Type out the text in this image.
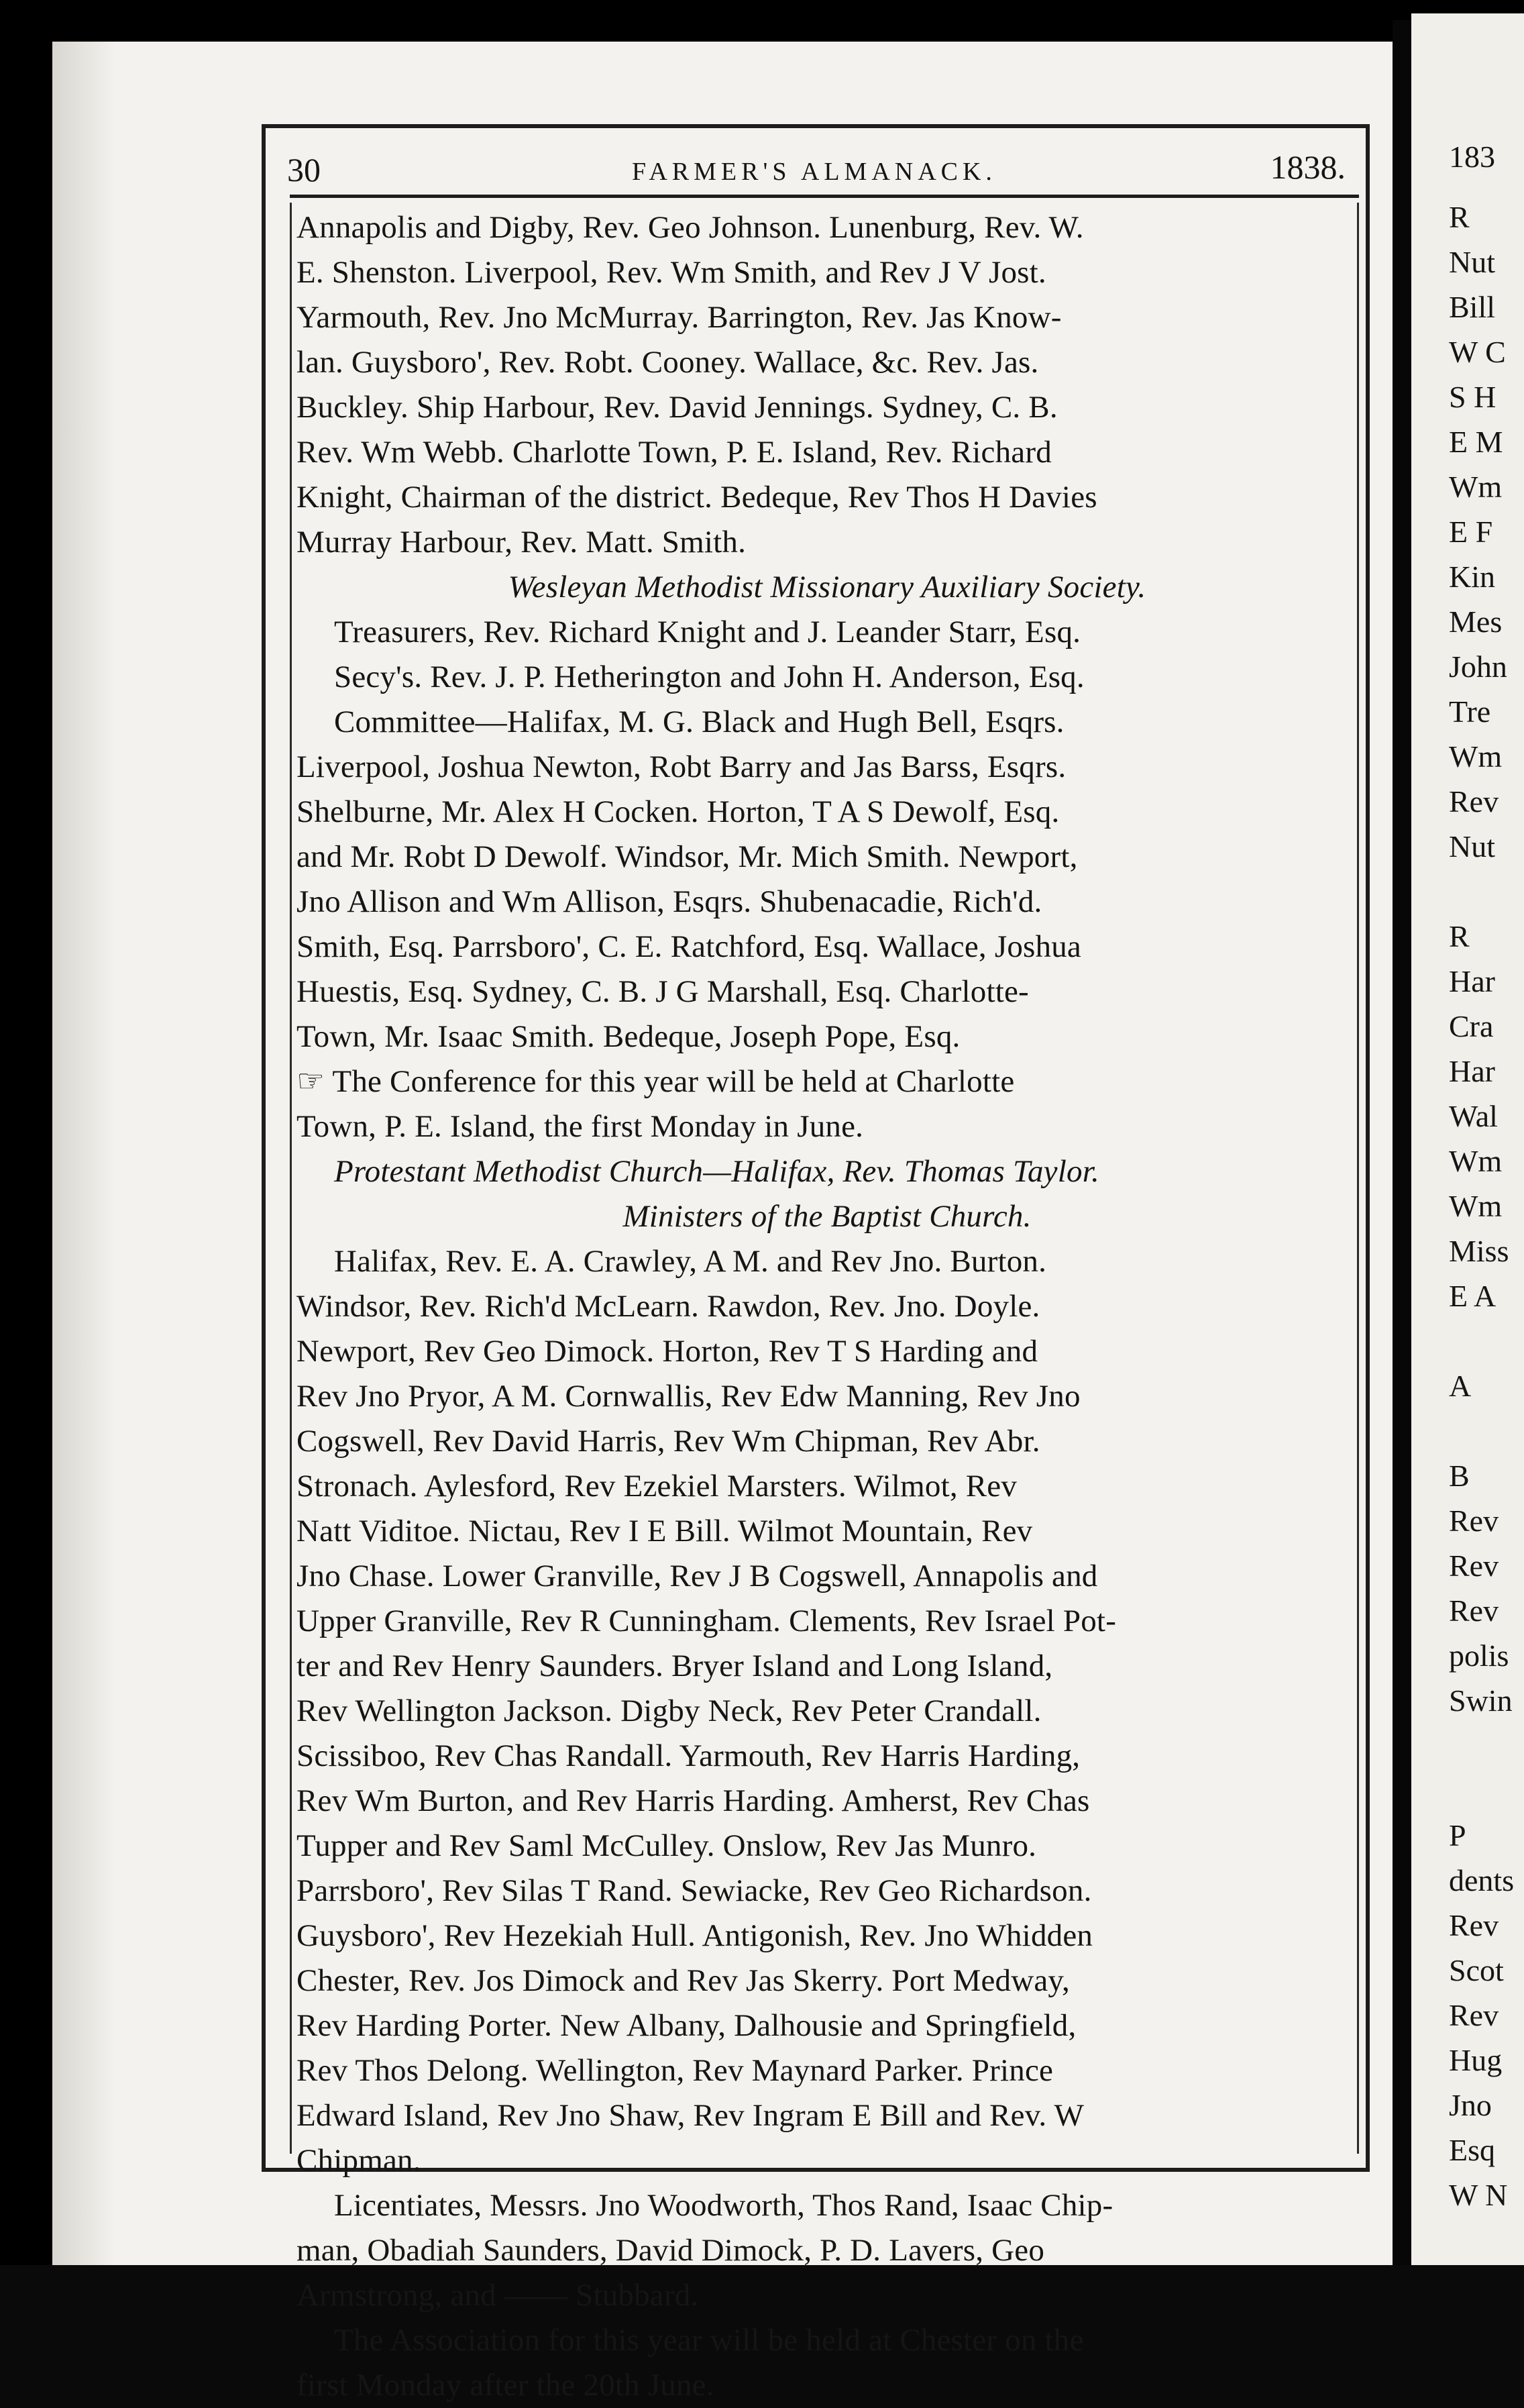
30	FARMER'S ALMANACK.	1838.
Annapolis and Digby, Rev. Geo Johnson. Lunenburg, Rev. W.
E. Shenston. Liverpool, Rev. Wm Smith, and Rev J V Jost.
Yarmouth, Rev. Jno McMurray. Barrington, Rev. Jas Know-
lan. Guysboro', Rev. Robt. Cooney. Wallace, &c. Rev. Jas.
Buckley. Ship Harbour, Rev. David Jennings. Sydney, C. B.
Rev. Wm Webb. Charlotte Town, P. E. Island, Rev. Richard
Knight, Chairman of the district. Bedeque, Rev Thos H Davies
Murray Harbour, Rev. Matt. Smith.
Wesleyan Methodist Missionary Auxiliary Society.
Treasurers, Rev. Richard Knight and J. Leander Starr, Esq.
Secy's. Rev. J. P. Hetherington and John H. Anderson, Esq.
Committee—Halifax, M. G. Black and Hugh Bell, Esqrs.
Liverpool, Joshua Newton, Robt Barry and Jas Barss, Esqrs.
Shelburne, Mr. Alex H Cocken. Horton, T A S Dewolf, Esq.
and Mr. Robt D Dewolf. Windsor, Mr. Mich Smith. Newport,
Jno Allison and Wm Allison, Esqrs. Shubenacadie, Rich'd.
Smith, Esq. Parrsboro', C. E. Ratchford, Esq. Wallace, Joshua
Huestis, Esq. Sydney, C. B. J G Marshall, Esq. Charlotte-
Town, Mr. Isaac Smith. Bedeque, Joseph Pope, Esq.
☞ The Conference for this year will be held at Charlotte
Town, P. E. Island, the first Monday in June.
Protestant Methodist Church—Halifax, Rev. Thomas Taylor.
Ministers of the Baptist Church.
Halifax, Rev. E. A. Crawley, A M. and Rev Jno. Burton.
Windsor, Rev. Rich'd McLearn. Rawdon, Rev. Jno. Doyle.
Newport, Rev Geo Dimock. Horton, Rev T S Harding and
Rev Jno Pryor, A M. Cornwallis, Rev Edw Manning, Rev Jno
Cogswell, Rev David Harris, Rev Wm Chipman, Rev Abr.
Stronach. Aylesford, Rev Ezekiel Marsters. Wilmot, Rev
Natt Viditoe. Nictau, Rev I E Bill. Wilmot Mountain, Rev
Jno Chase. Lower Granville, Rev J B Cogswell, Annapolis and
Upper Granville, Rev R Cunningham. Clements, Rev Israel Pot-
ter and Rev Henry Saunders. Bryer Island and Long Island,
Rev Wellington Jackson. Digby Neck, Rev Peter Crandall.
Scissiboo, Rev Chas Randall. Yarmouth, Rev Harris Harding,
Rev Wm Burton, and Rev Harris Harding. Amherst, Rev Chas
Tupper and Rev Saml McCulley. Onslow, Rev Jas Munro.
Parrsboro', Rev Silas T Rand. Sewiacke, Rev Geo Richardson.
Guysboro', Rev Hezekiah Hull. Antigonish, Rev. Jno Whidden
Chester, Rev. Jos Dimock and Rev Jas Skerry. Port Medway,
Rev Harding Porter. New Albany, Dalhousie and Springfield,
Rev Thos Delong. Wellington, Rev Maynard Parker. Prince
Edward Island, Rev Jno Shaw, Rev Ingram E Bill and Rev. W
Chipman.
Licentiates, Messrs. Jno Woodworth, Thos Rand, Isaac Chip-
man, Obadiah Saunders, David Dimock, P. D. Lavers, Geo
Armstrong, and —— Stubbard.
The Association for this year will be held at Chester on the
first Monday after the 20th June.
183
R
Nut
Bill
W C
S H
E M
Wm
E F
Kin
Mes
John
Tre
Wm
Rev
Nut
R
Har
Cra
Har
Wal
Wm
Wm
Miss
E A
A
B
Rev
Rev
Rev
polis
Swin
P
dents
Rev
Scot
Rev
Hug
Jno
Esq
W N
